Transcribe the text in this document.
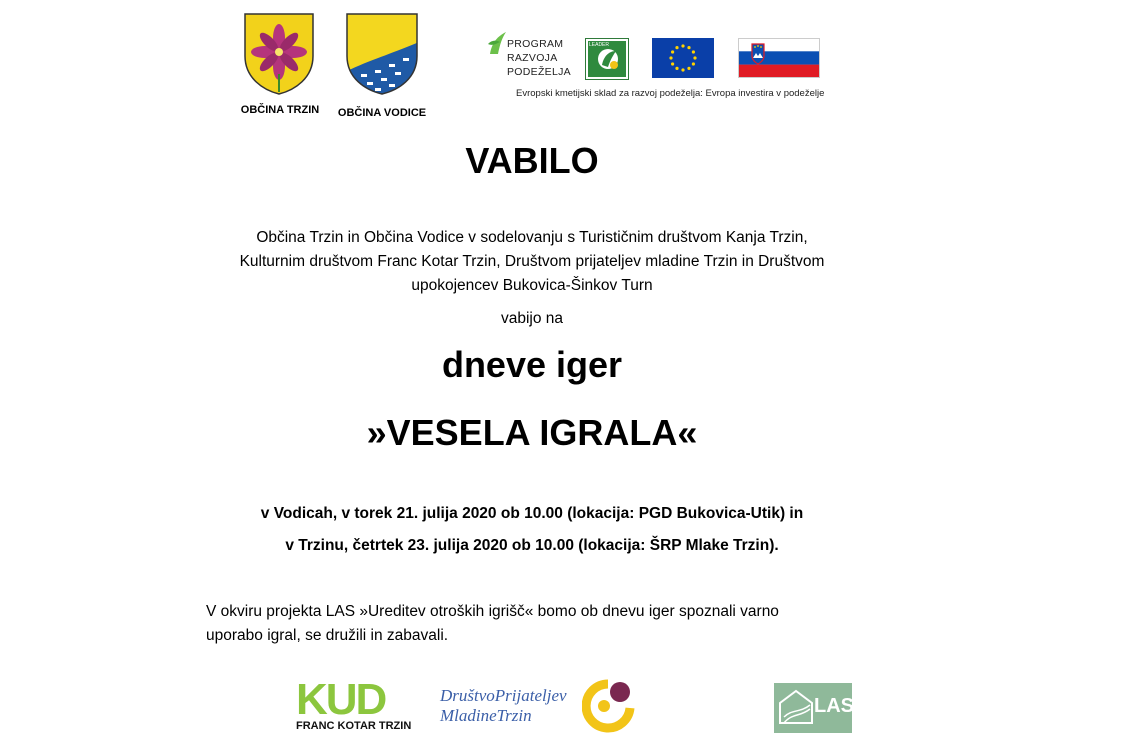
OBČINA TRZIN	OBČINA VODICE
PROGRAM
RAZVOJA
PODEŽELJA
LEADER
Evropski kmetijski sklad za razvoj podeželja: Evropa investira v podeželje
VABILO
Občina Trzin in Občina Vodice v sodelovanju s Turističnim društvom Kanja Trzin,
Kulturnim društvom Franc Kotar Trzin, Društvom prijateljev mladine Trzin in Društvom
upokojencev Bukovica-Šinkov Turn
vabijo na
dneve iger
»VESELA IGRALA«
v Vodicah, v torek 21. julija 2020 ob 10.00 (lokacija: PGD Bukovica-Utik) in
v Trzinu, četrtek 23. julija 2020 ob 10.00 (lokacija: ŠRP Mlake Trzin).
V okviru projekta LAS »Ureditev otroških igrišč« bomo ob dnevu iger spoznali varno
uporabo igral, se družili in zabavali.
KUD
FRANC KOTAR TRZIN
DruštvoPrijateljev
MladineTrzin	LAS
